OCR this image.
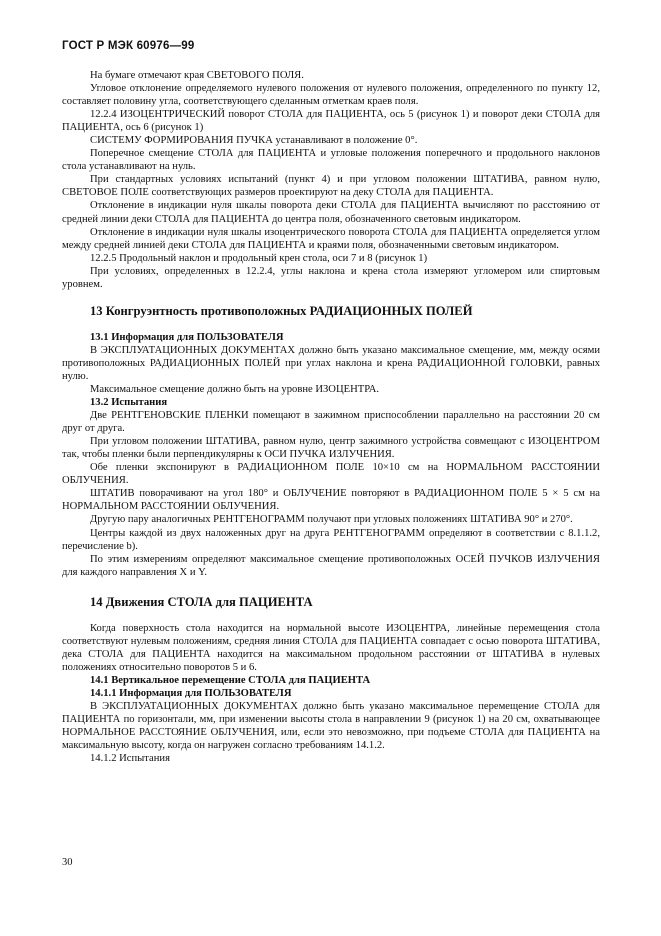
ГОСТ Р МЭК 60976—99

На бумаге отмечают края СВЕТОВОГО ПОЛЯ.

Угловое отклонение определяемого нулевого положения от нулевого положения, определенного по пункту 12, составляет половину угла, соответствующего сделанным отметкам краев поля.

12.2.4 ИЗОЦЕНТРИЧЕСКИЙ поворот СТОЛА для ПАЦИЕНТА, ось 5 (рисунок 1) и поворот деки СТОЛА для ПАЦИЕНТА, ось 6 (рисунок 1)

СИСТЕМУ ФОРМИРОВАНИЯ ПУЧКА устанавливают в положение 0°.

Поперечное смещение СТОЛА для ПАЦИЕНТА и угловые положения поперечного и продольного наклонов стола устанавливают на нуль.

При стандартных условиях испытаний (пункт 4) и при угловом положении ШТАТИВА, равном нулю, СВЕТОВОЕ ПОЛЕ соответствующих размеров проектируют на деку СТОЛА для ПАЦИЕНТА.

Отклонение в индикации нуля шкалы поворота деки СТОЛА для ПАЦИЕНТА вычисляют по расстоянию от средней линии деки СТОЛА для ПАЦИЕНТА до центра поля, обозначенного световым индикатором.

Отклонение в индикации нуля шкалы изоцентрического поворота СТОЛА для ПАЦИЕНТА определяется углом между средней линией деки СТОЛА для ПАЦИЕНТА и краями поля, обозначенными световым индикатором.

12.2.5 Продольный наклон и продольный крен стола, оси 7 и 8 (рисунок 1)

При условиях, определенных в 12.2.4, углы наклона и крена стола измеряют угломером или спиртовым уровнем.

13 Конгруэнтность противоположных РАДИАЦИОННЫХ ПОЛЕЙ

13.1 Информация для ПОЛЬЗОВАТЕЛЯ

В ЭКСПЛУАТАЦИОННЫХ ДОКУМЕНТАХ должно быть указано максимальное смещение, мм, между осями противоположных РАДИАЦИОННЫХ ПОЛЕЙ при углах наклона и крена РАДИАЦИОННОЙ ГОЛОВКИ, равных нулю.

Максимальное смещение должно быть на уровне ИЗОЦЕНТРА.

13.2 Испытания

Две РЕНТГЕНОВСКИЕ ПЛЕНКИ помещают в зажимном приспособлении параллельно на расстоянии 20 см друг от друга.

При угловом положении ШТАТИВА, равном нулю, центр зажимного устройства совмещают с ИЗОЦЕНТРОМ так, чтобы пленки были перпендикулярны к ОСИ ПУЧКА ИЗЛУЧЕНИЯ.

Обе пленки экспонируют в РАДИАЦИОННОМ ПОЛЕ 10×10 см на НОРМАЛЬНОМ РАССТОЯНИИ ОБЛУЧЕНИЯ.

ШТАТИВ поворачивают на угол 180° и ОБЛУЧЕНИЕ повторяют в РАДИАЦИОННОМ ПОЛЕ 5 × 5 см на НОРМАЛЬНОМ РАССТОЯНИИ ОБЛУЧЕНИЯ.

Другую пару аналогичных РЕНТГЕНОГРАММ получают при угловых положениях ШТАТИВА 90° и 270°.

Центры каждой из двух наложенных друг на друга РЕНТГЕНОГРАММ определяют в соответствии с 8.1.1.2, перечисление b).

По этим измерениям определяют максимальное смещение противоположных ОСЕЙ ПУЧКОВ ИЗЛУЧЕНИЯ для каждого направления X и Y.

14 Движения СТОЛА для ПАЦИЕНТА

Когда поверхность стола находится на нормальной высоте ИЗОЦЕНТРА, линейные перемещения стола соответствуют нулевым положениям, средняя линия СТОЛА для ПАЦИЕНТА совпадает с осью поворота ШТАТИВА, дека СТОЛА для ПАЦИЕНТА находится на максимальном продольном расстоянии от ШТАТИВА в нулевых положениях относительно поворотов 5 и 6.

14.1 Вертикальное перемещение СТОЛА для ПАЦИЕНТА

14.1.1 Информация для ПОЛЬЗОВАТЕЛЯ

В ЭКСПЛУАТАЦИОННЫХ ДОКУМЕНТАХ должно быть указано максимальное перемещение СТОЛА для ПАЦИЕНТА по горизонтали, мм, при изменении высоты стола в направлении 9 (рисунок 1) на 20 см, охватывающее НОРМАЛЬНОЕ РАССТОЯНИЕ ОБЛУЧЕНИЯ, или, если это невозможно, при подъеме СТОЛА для ПАЦИЕНТА на максимальную высоту, когда он нагружен согласно требованиям 14.1.2.

14.1.2 Испытания

30
